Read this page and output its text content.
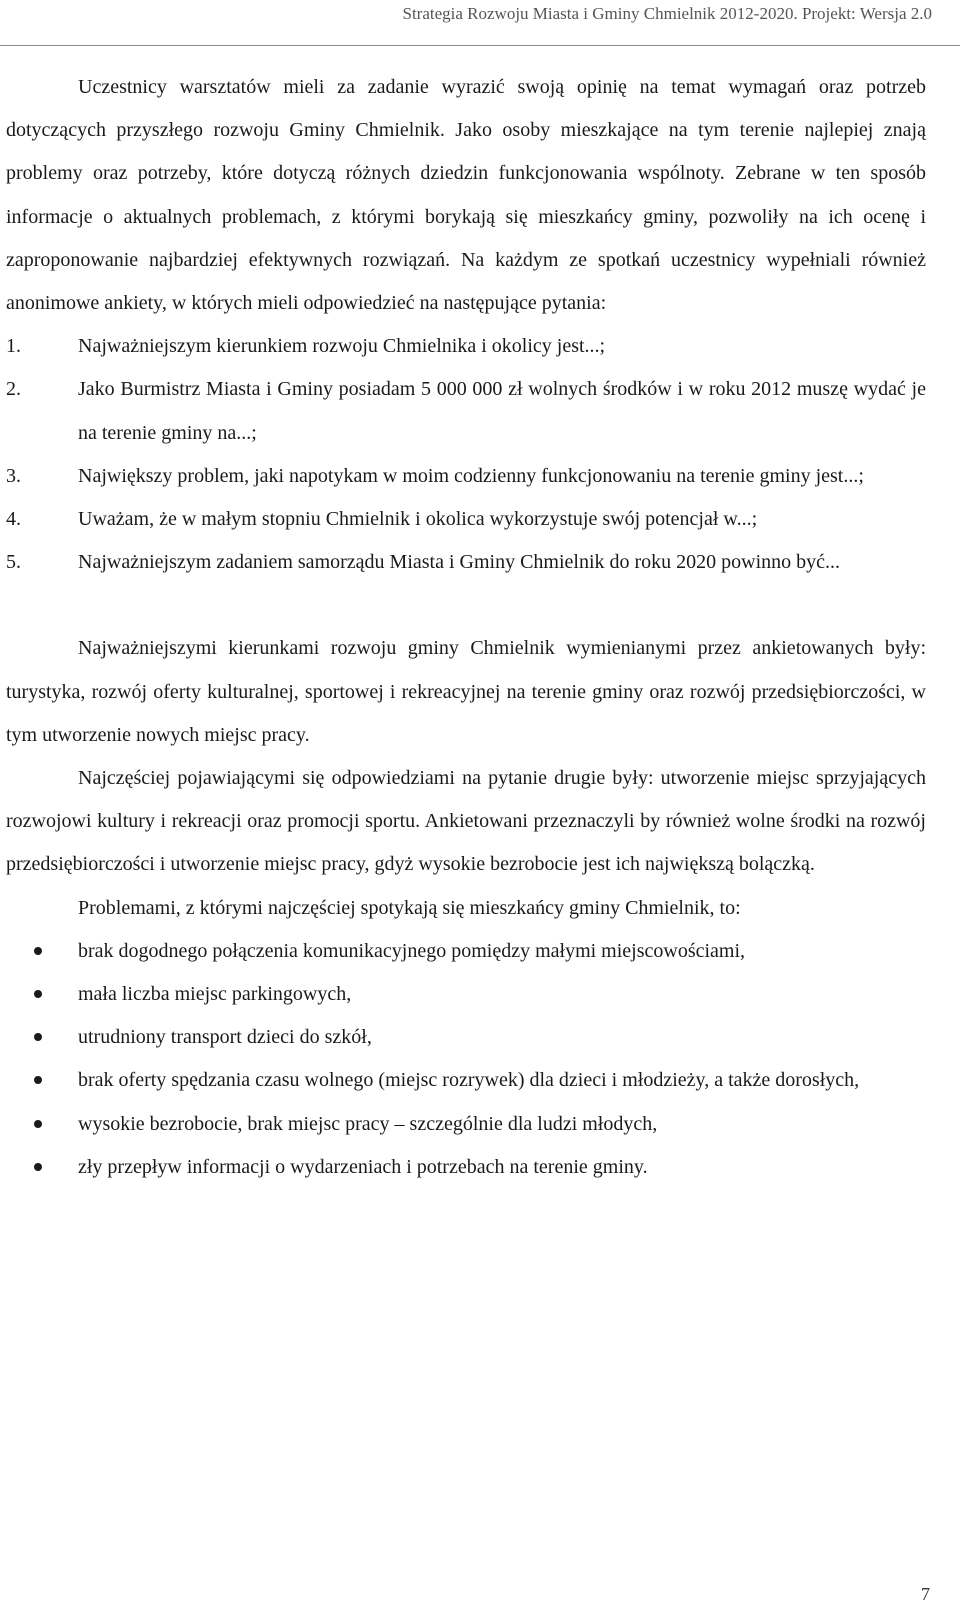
Strategia Rozwoju Miasta i Gminy Chmielnik 2012-2020. Projekt: Wersja 2.0

Uczestnicy warsztatów mieli za zadanie wyrazić swoją opinię na temat wymagań oraz potrzeb dotyczących przyszłego rozwoju Gminy Chmielnik. Jako osoby mieszkające na tym terenie najlepiej znają problemy oraz potrzeby, które dotyczą różnych dziedzin funkcjonowania wspólnoty. Zebrane w ten sposób informacje o aktualnych problemach, z którymi borykają się mieszkańcy gminy, pozwoliły na ich ocenę i zaproponowanie najbardziej efektywnych rozwiązań. Na każdym ze spotkań uczestnicy wypełniali również anonimowe ankiety, w których mieli odpowiedzieć na następujące pytania:

1.	Najważniejszym kierunkiem rozwoju Chmielnika i okolicy jest...;
2.	Jako Burmistrz Miasta i Gminy posiadam 5 000 000 zł wolnych środków i w roku 2012 muszę wydać je na terenie gminy na...;
3.	Największy problem, jaki napotykam w moim codzienny funkcjonowaniu na terenie gminy jest...;
4.	Uważam, że w małym stopniu Chmielnik i okolica wykorzystuje swój potencjał w...;
5.	Najważniejszym zadaniem samorządu Miasta i Gminy Chmielnik do roku 2020 powinno być...

Najważniejszymi kierunkami rozwoju gminy Chmielnik wymienianymi przez ankietowanych były: turystyka, rozwój oferty kulturalnej, sportowej i rekreacyjnej na terenie gminy oraz rozwój przedsiębiorczości, w tym utworzenie nowych miejsc pracy.

Najczęściej pojawiającymi się odpowiedziami na pytanie drugie były: utworzenie miejsc sprzyjających rozwojowi kultury i rekreacji oraz promocji sportu. Ankietowani przeznaczyli by również wolne środki na rozwój przedsiębiorczości i utworzenie miejsc pracy, gdyż wysokie bezrobocie jest ich największą bolączką.

Problemami, z którymi najczęściej spotykają się mieszkańcy gminy Chmielnik, to:

brak dogodnego połączenia komunikacyjnego pomiędzy małymi miejscowościami,
mała liczba miejsc parkingowych,
utrudniony transport dzieci do szkół,
brak oferty spędzania czasu wolnego (miejsc rozrywek) dla dzieci i młodzieży, a także dorosłych,
wysokie bezrobocie, brak miejsc pracy – szczególnie dla ludzi młodych,
zły przepływ informacji o wydarzeniach i potrzebach na terenie gminy.
7
